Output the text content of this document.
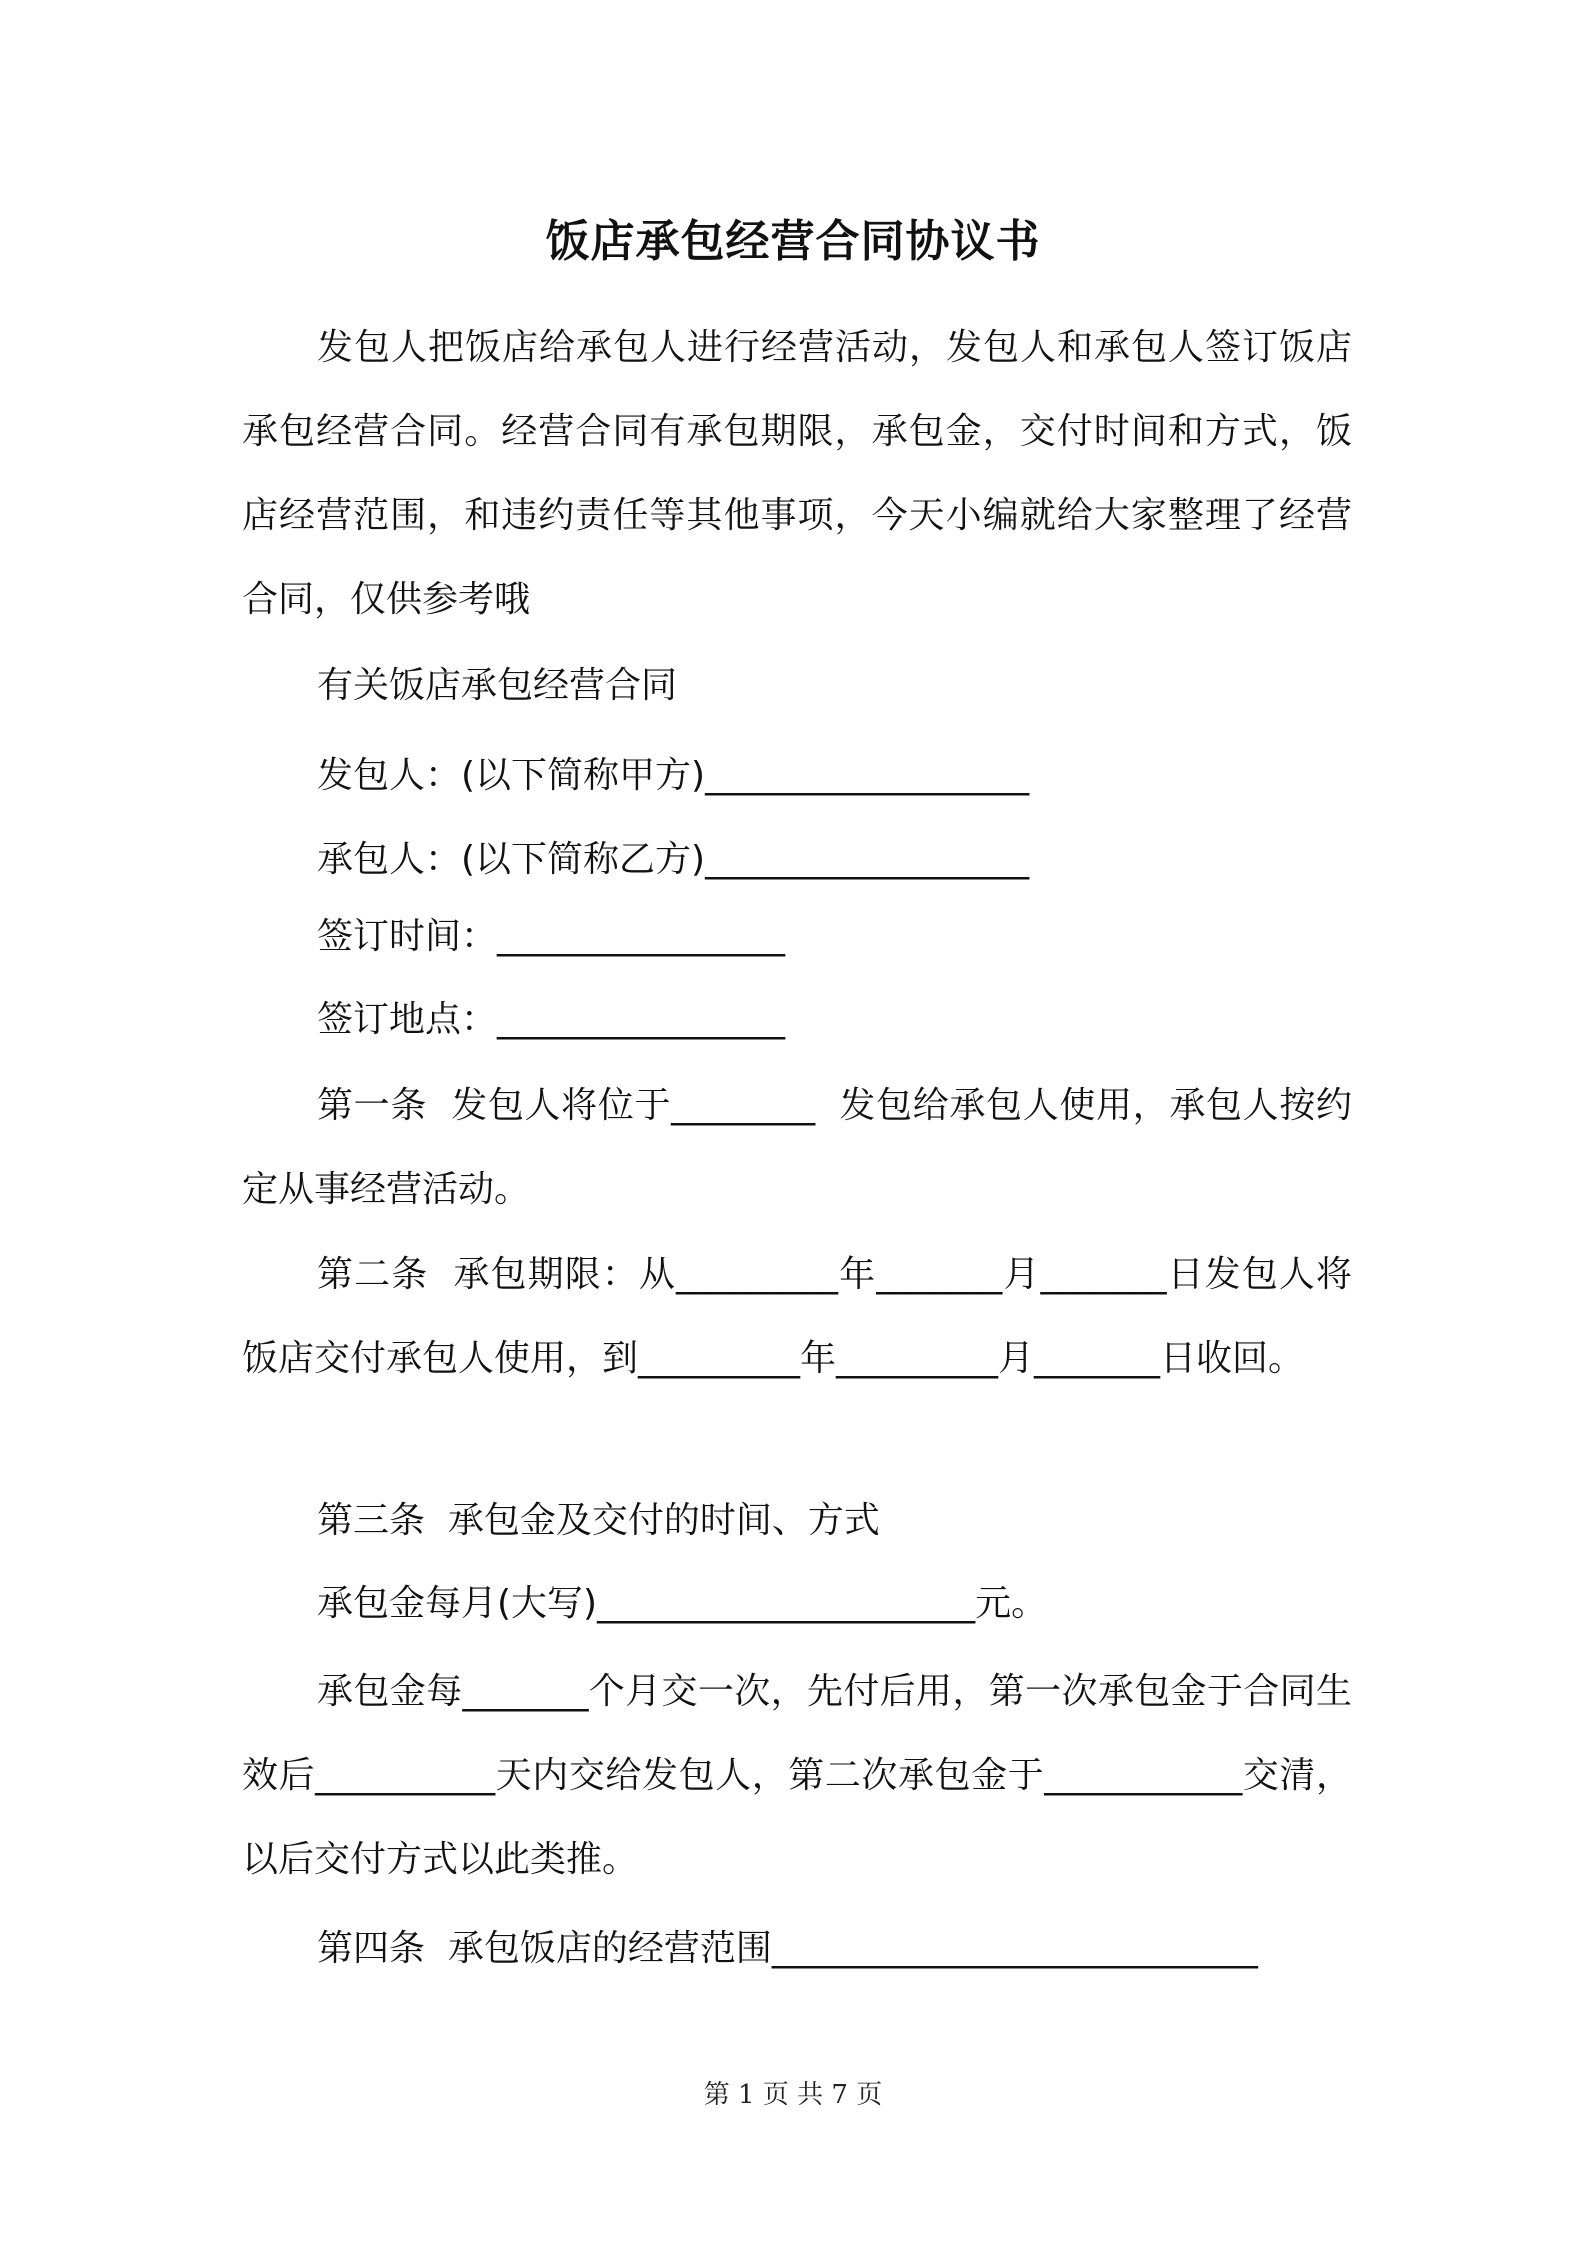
饭店承包经营合同协议书

发包人把饭店给承包人进行经营活动，发包人和承包人签订饭店承包经营合同。经营合同有承包期限，承包金，交付时间和方式，饭店经营范围，和违约责任等其他事项，今天小编就给大家整理了经营合同，仅供参考哦

有关饭店承包经营合同
发包人：(以下简称甲方)__________________
承包人：(以下简称乙方)__________________
签订时间：________________
签订地点：________________

第一条  发包人将位于________  发包给承包人使用，承包人按约定从事经营活动。

第二条  承包期限：从_________年_______月_______日发包人将饭店交付承包人使用，到_________年_________月_______日收回。

第三条  承包金及交付的时间、方式
承包金每月(大写)_____________________元。

承包金每_______个月交一次，先付后用，第一次承包金于合同生效后__________天内交给发包人，第二次承包金于___________交清，以后交付方式以此类推。

第四条  承包饭店的经营范围___________________________
第 1 页 共 7 页
